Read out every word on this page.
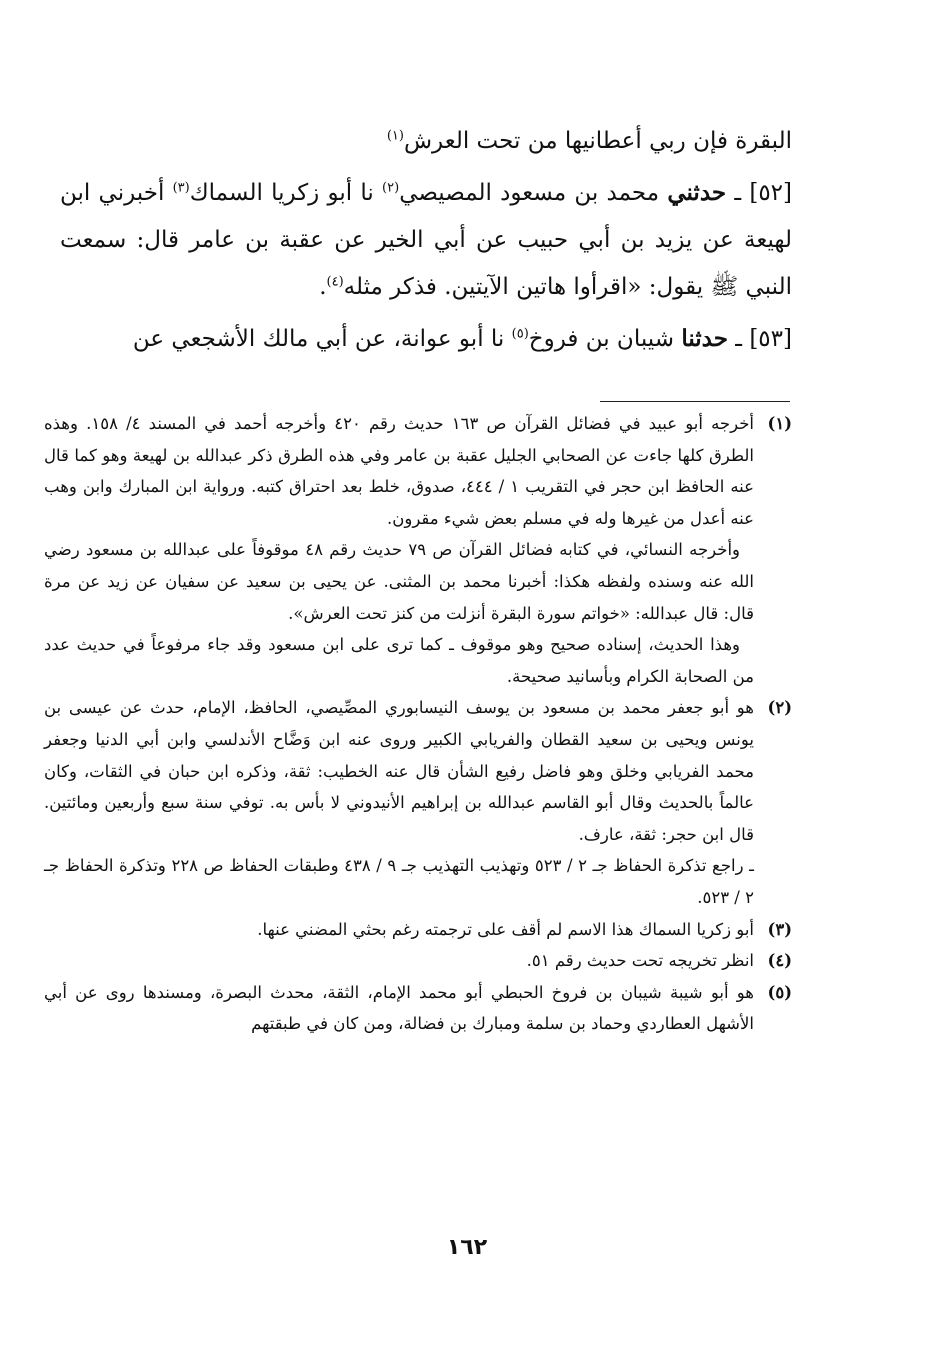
البقرة فإن ربي أعطانيها من تحت العرش$^{(١)}$

[٥٢] ـ حدثني محمد بن مسعود المصيصي$^{(٢)}$ نا أبو زكريا السماك$^{(٣)}$ أخبرني ابن لهيعة عن يزيد بن أبي حبيب عن أبي الخير عن عقبة بن عامر قال: سمعت النبي ﷺ يقول: «اقرأوا هاتين الآيتين. فذكر مثله$^{(٤)}$.

[٥٣] ـ حدثنا شيبان بن فروخ$^{(٥)}$ نا أبو عوانة، عن أبي مالك الأشجعي عن

(١)

أخرجه أبو عبيد في فضائل القرآن ص ١٦٣ حديث رقم ٤٢٠ وأخرجه أحمد في المسند ٤/ ١٥٨. وهذه الطرق كلها جاءت عن الصحابي الجليل عقبة بن عامر وفي هذه الطرق ذكر عبدالله بن لهيعة وهو كما قال عنه الحافظ ابن حجر في التقريب ١ / ٤٤٤، صدوق، خلط بعد احتراق كتبه. ورواية ابن المبارك وابن وهب عنه أعدل من غيرها وله في مسلم بعض شيء مقرون.

وأخرجه النسائي، في كتابه فضائل القرآن ص ٧٩ حديث رقم ٤٨ موقوفاً على عبدالله بن مسعود رضي الله عنه وسنده ولفظه هكذا: أخبرنا محمد بن المثنى. عن يحيى بن سعيد عن سفيان عن زيد عن مرة قال: قال عبدالله: «خواتم سورة البقرة أنزلت من كنز تحت العرش».

وهذا الحديث، إسناده صحيح وهو موقوف ـ كما ترى على ابن مسعود وقد جاء مرفوعاً في حديث عدد من الصحابة الكرام وبأسانيد صحيحة.

(٢)

هو أبو جعفر محمد بن مسعود بن يوسف النيسابوري المصِّيصي، الحافظ، الإمام، حدث عن عيسى بن يونس ويحيى بن سعيد القطان والفريابي الكبير وروى عنه ابن وَضَّاح الأندلسي وابن أبي الدنيا وجعفر محمد الفريابي وخلق وهو فاضل رفيع الشأن قال عنه الخطيب: ثقة، وذكره ابن حبان في الثقات، وكان عالماً بالحديث وقال أبو القاسم عبدالله بن إبراهيم الأنيدوني لا بأس به. توفي سنة سبع وأربعين ومائتين. قال ابن حجر: ثقة، عارف.

ـ راجع تذكرة الحفاظ جـ ٢ / ٥٢٣ وتهذيب التهذيب جـ ٩ / ٤٣٨ وطبقات الحفاظ ص ٢٢٨ وتذكرة الحفاظ جـ ٢ / ٥٢٣.

(٣)

أبو زكريا السماك هذا الاسم لم أقف على ترجمته رغم بحثي المضني عنها.

(٤)

انظر تخريجه تحت حديث رقم ٥١.

(٥)

هو أبو شيبة شيبان بن فروخ الحبطي أبو محمد الإمام، الثقة، محدث البصرة، ومسندها روى عن أبي الأشهل العطاردي وحماد بن سلمة ومبارك بن فضالة، ومن كان في طبقتهم

١٦٢
